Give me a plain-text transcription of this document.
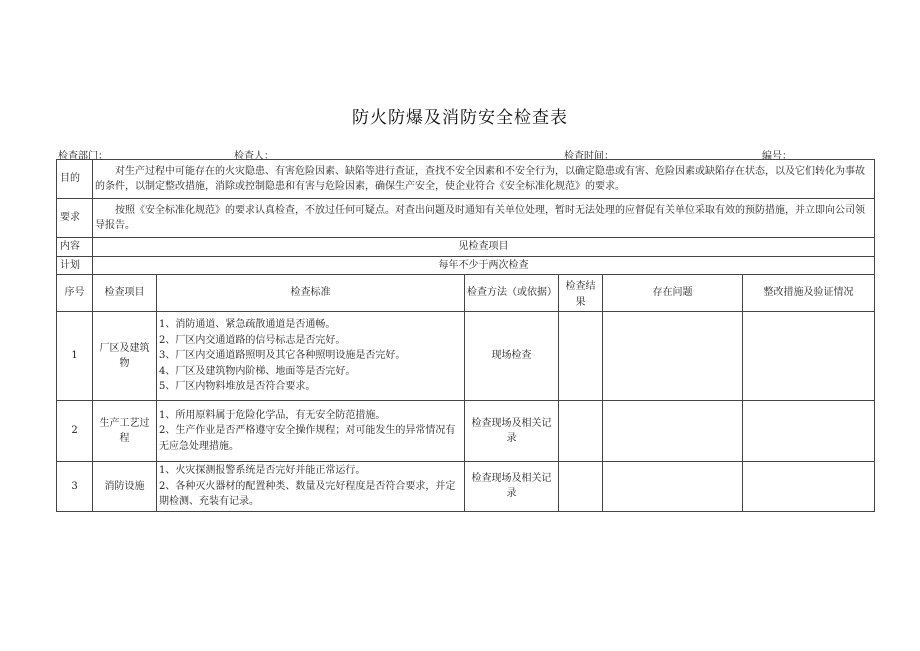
防火防爆及消防安全检查表
检查部门：	检查人：	检查时间：	编号：
目的	对生产过程中可能存在的火灾隐患、有害危险因素、缺陷等进行查证，查找不安全因素和不安全行为，以确定隐患或有害、危险因素或缺陷存在状态，以及它们转化为事故的条件，以制定整改措施，消除或控制隐患和有害与危险因素，确保生产安全，使企业符合《安全标准化规范》的要求。					
要求	按照《安全标准化规范》的要求认真检查，不放过任何可疑点。对查出问题及时通知有关单位处理，暂时无法处理的应督促有关单位采取有效的预防措施，并立即向公司领导报告。					
内容	见检查项目					
计划	每年不少于两次检查					
序号	检查项目	检查标准	检查方法（或依据）	检查结果	存在问题	整改措施及验证情况
1	厂区及建筑物	1、消防通道、紧急疏散通道是否通畅。
2、厂区内交通道路的信号标志是否完好。
3、厂区内交通道路照明及其它各种照明设施是否完好。
4、厂区及建筑物内阶梯、地面等是否完好。
5、厂区内物料堆放是否符合要求。	现场检查			
2	生产工艺过程	1、所用原料属于危险化学品，有无安全防范措施。
2、生产作业是否严格遵守安全操作规程；对可能发生的异常情况有无应急处理措施。	检查现场及相关记录			
3	消防设施	1、火灾探测报警系统是否完好并能正常运行。
2、各种灭火器材的配置种类、数量及完好程度是否符合要求，并定期检测、充装有记录。	检查现场及相关记录			
